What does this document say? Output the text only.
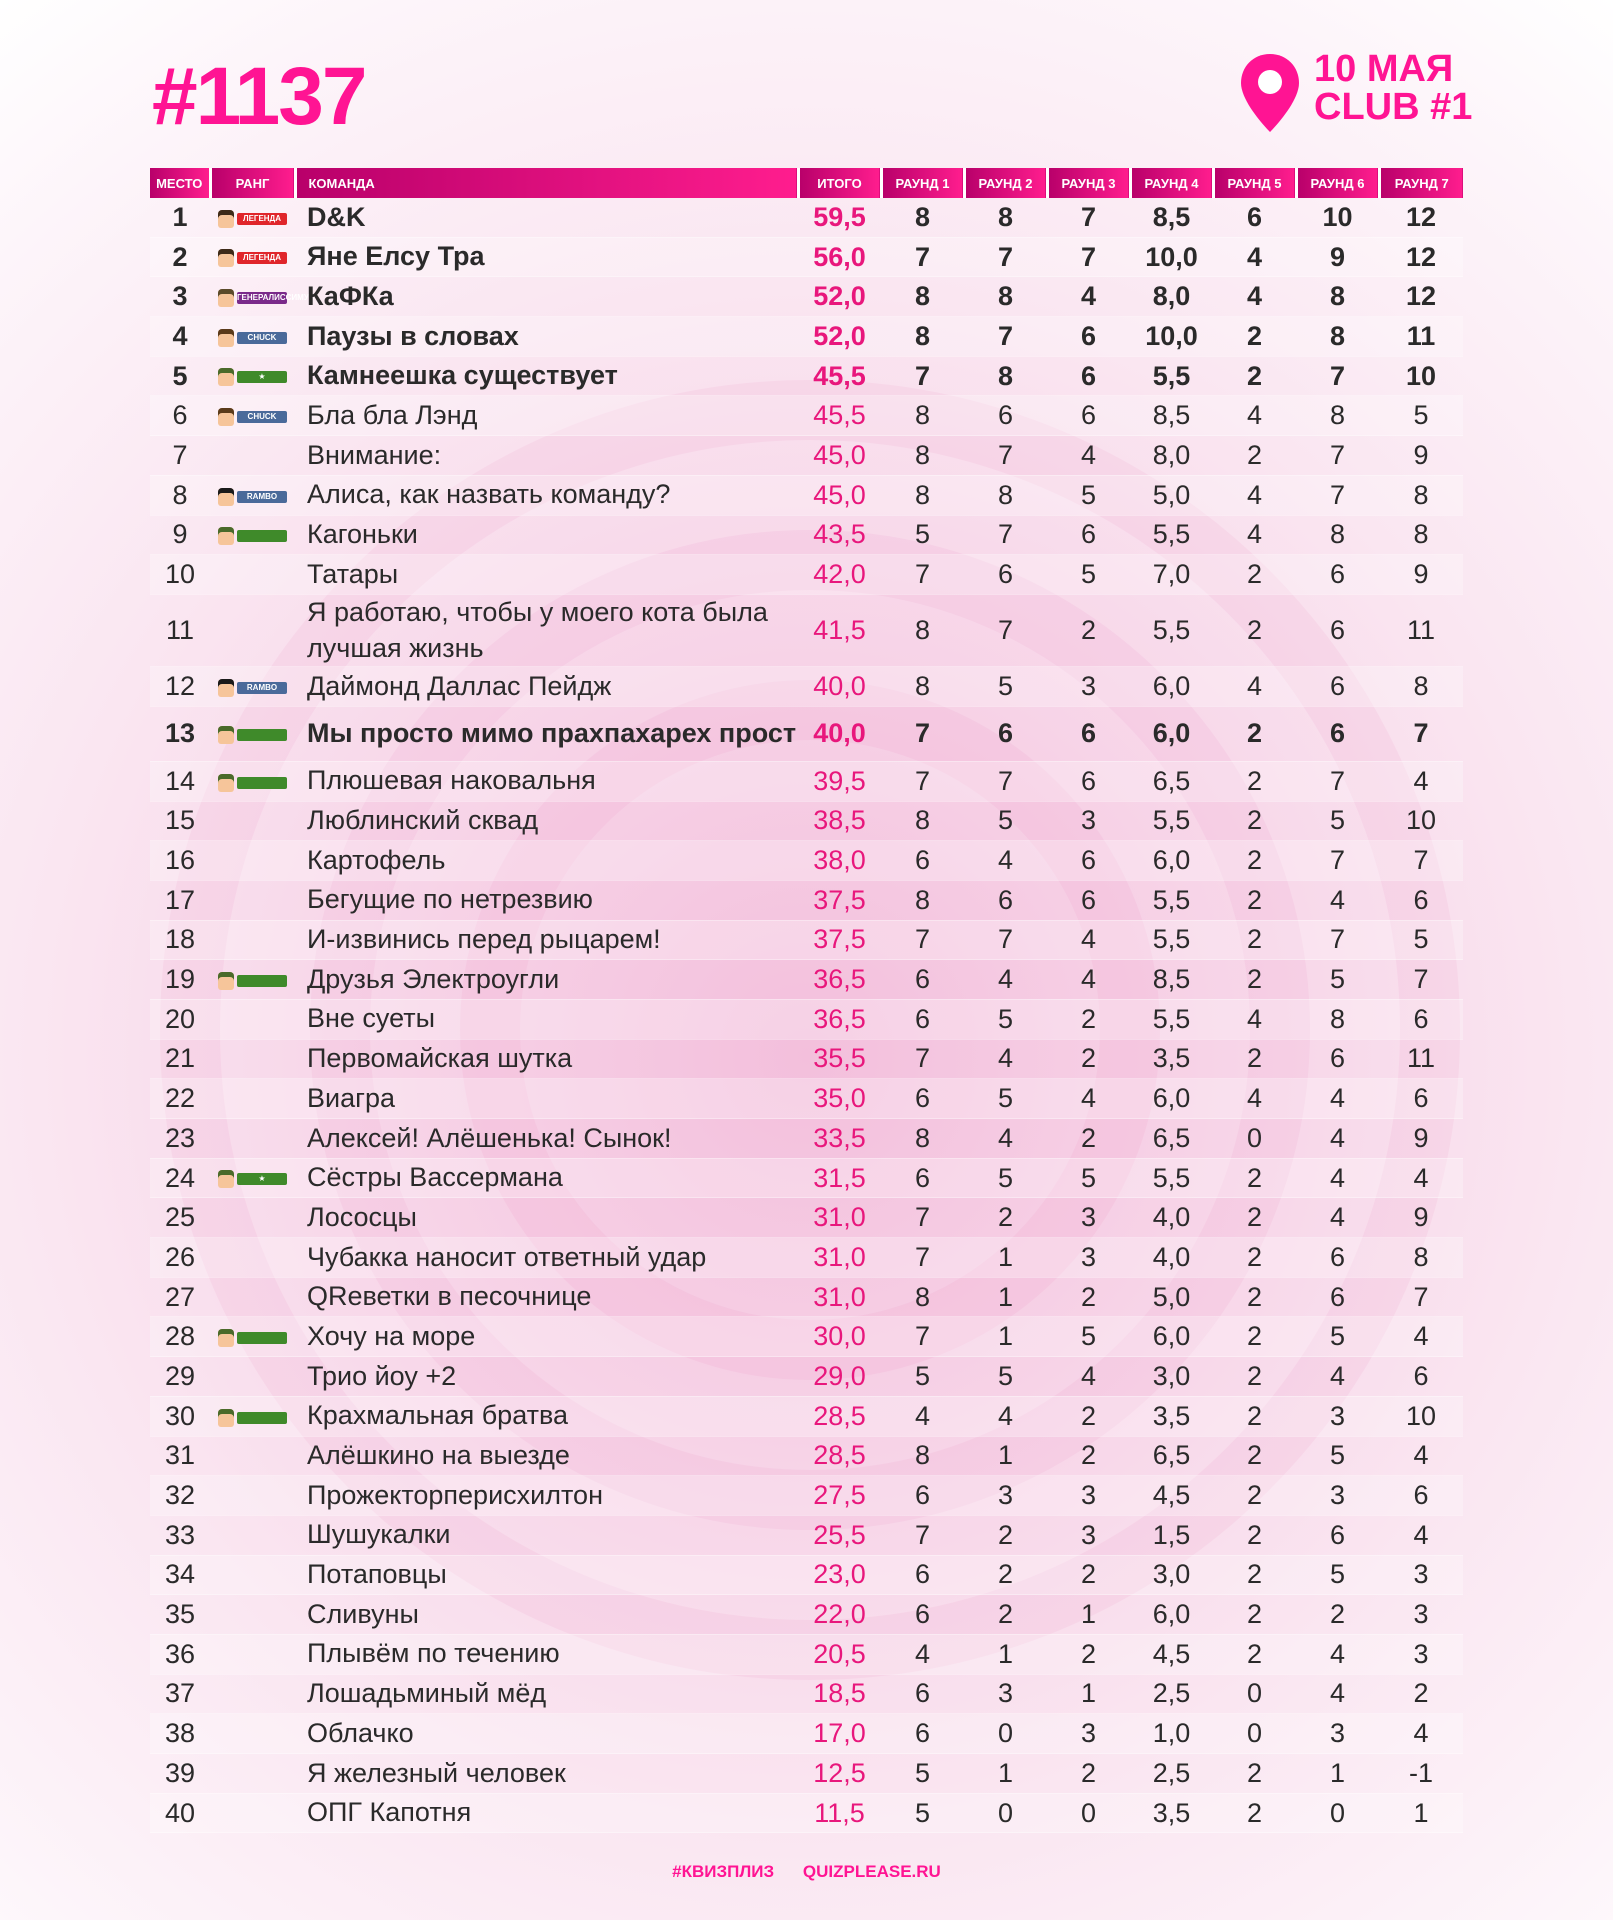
#1137	10 МАЯ
CLUB #1
МЕСТО	РАНГ	КОМАНДА	ИТОГО	РАУНД 1	РАУНД 2	РАУНД 3	РАУНД 4	РАУНД 5	РАУНД 6	РАУНД 7
1	ЛЕГЕНДА	D&K	59,5	8	8	7	8,5	6	10	12
2	ЛЕГЕНДА	Яне Елсу Тра	56,0	7	7	7	10,0	4	9	12
3	ГЕНЕРАЛИССИМУС	КаФКа	52,0	8	8	4	8,0	4	8	12
4	CHUCK	Паузы в словах	52,0	8	7	6	10,0	2	8	11
5	★	Камнеешка существует	45,5	7	8	6	5,5	2	7	10
6	CHUCK	Бла бла Лэнд	45,5	8	6	6	8,5	4	8	5
7		Внимание:	45,0	8	7	4	8,0	2	7	9
8	RAMBO	Алиса, как назвать команду?	45,0	8	8	5	5,0	4	7	8
9		Кагоньки	43,5	5	7	6	5,5	4	8	8
10		Татары	42,0	7	6	5	7,0	2	6	9
11		Я работаю, чтобы у моего кота была лучшая жизнь	41,5	8	7	2	5,5	2	6	11
12	RAMBO	Даймонд Даллас Пейдж	40,0	8	5	3	6,0	4	6	8
13		Мы просто мимо прахпахарех прост	40,0	7	6	6	6,0	2	6	7
14		Плюшевая наковальня	39,5	7	7	6	6,5	2	7	4
15		Люблинский сквад	38,5	8	5	3	5,5	2	5	10
16		Картофель	38,0	6	4	6	6,0	2	7	7
17		Бегущие по нетрезвию	37,5	8	6	6	5,5	2	4	6
18		И-извинись перед рыцарем!	37,5	7	7	4	5,5	2	7	5
19		Друзья Электроугли	36,5	6	4	4	8,5	2	5	7
20		Вне суеты	36,5	6	5	2	5,5	4	8	6
21		Первомайская шутка	35,5	7	4	2	3,5	2	6	11
22		Виагра	35,0	6	5	4	6,0	4	4	6
23		Алексей! Алёшенька! Сынок!	33,5	8	4	2	6,5	0	4	9
24	★	Сёстры Вассермана	31,5	6	5	5	5,5	2	4	4
25		Лососцы	31,0	7	2	3	4,0	2	4	9
26		Чубакка наносит ответный удар	31,0	7	1	3	4,0	2	6	8
27		QRеветки в песочнице	31,0	8	1	2	5,0	2	6	7
28		Хочу на море	30,0	7	1	5	6,0	2	5	4
29		Трио йоу +2	29,0	5	5	4	3,0	2	4	6
30		Крахмальная братва	28,5	4	4	2	3,5	2	3	10
31		Алёшкино на выезде	28,5	8	1	2	6,5	2	5	4
32		Прожекторперисхилтон	27,5	6	3	3	4,5	2	3	6
33		Шушукалки	25,5	7	2	3	1,5	2	6	4
34		Потаповцы	23,0	6	2	2	3,0	2	5	3
35		Сливуны	22,0	6	2	1	6,0	2	2	3
36		Плывём по течению	20,5	4	1	2	4,5	2	4	3
37		Лошадьминый мёд	18,5	6	3	1	2,5	0	4	2
38		Облачко	17,0	6	0	3	1,0	0	3	4
39		Я железный человек	12,5	5	1	2	2,5	2	1	-1
40		ОПГ Капотня	11,5	5	0	0	3,5	2	0	1
#КВИЗПЛИЗ QUIZPLEASE.RU
